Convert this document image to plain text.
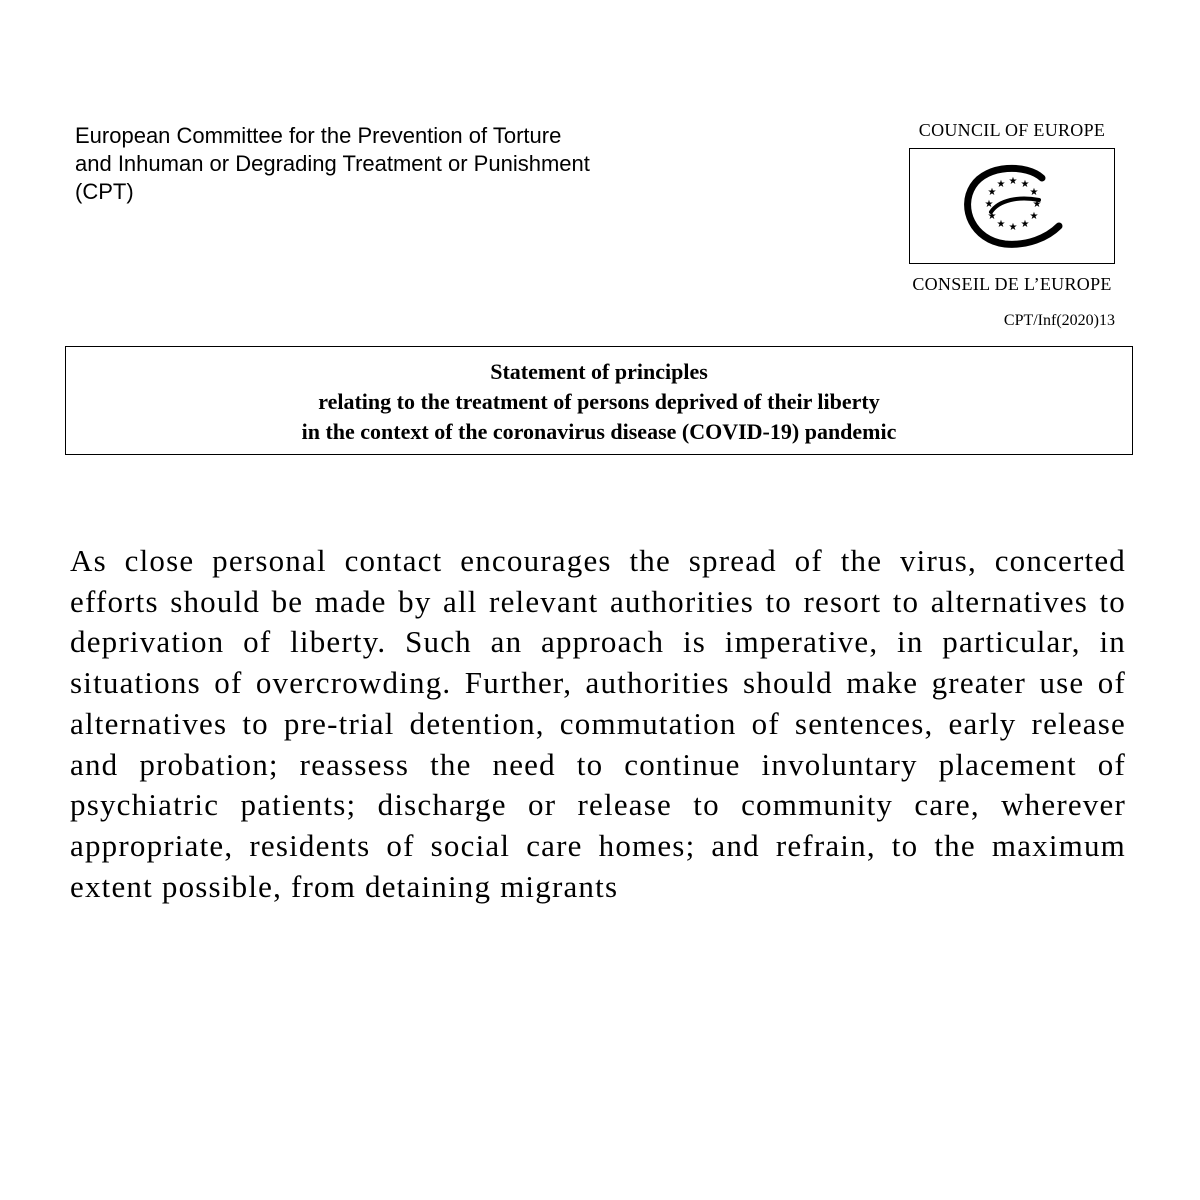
European Committee for the Prevention of Torture
and Inhuman or Degrading Treatment or Punishment
(CPT)
COUNCIL OF EUROPE
★ ★
★
★
★
★
★
★
★
★
★
★
CONSEIL DE L’EUROPE
CPT/Inf(2020)13
Statement of principles
relating to the treatment of persons deprived of their liberty
in the context of the coronavirus disease (COVID-19) pandemic

As close personal contact encourages the spread of the virus, concerted efforts should be made by all relevant authorities to resort to alternatives to deprivation of liberty. Such an approach is imperative, in particular, in situations of overcrowding. Further, authorities should make greater use of alternatives to pre-trial detention, commutation of sentences, early release and probation; reassess the need to continue involuntary placement of psychiatric patients; discharge or release to community care, wherever appropriate, residents of social care homes; and refrain, to the maximum extent possible, from detaining migrants
